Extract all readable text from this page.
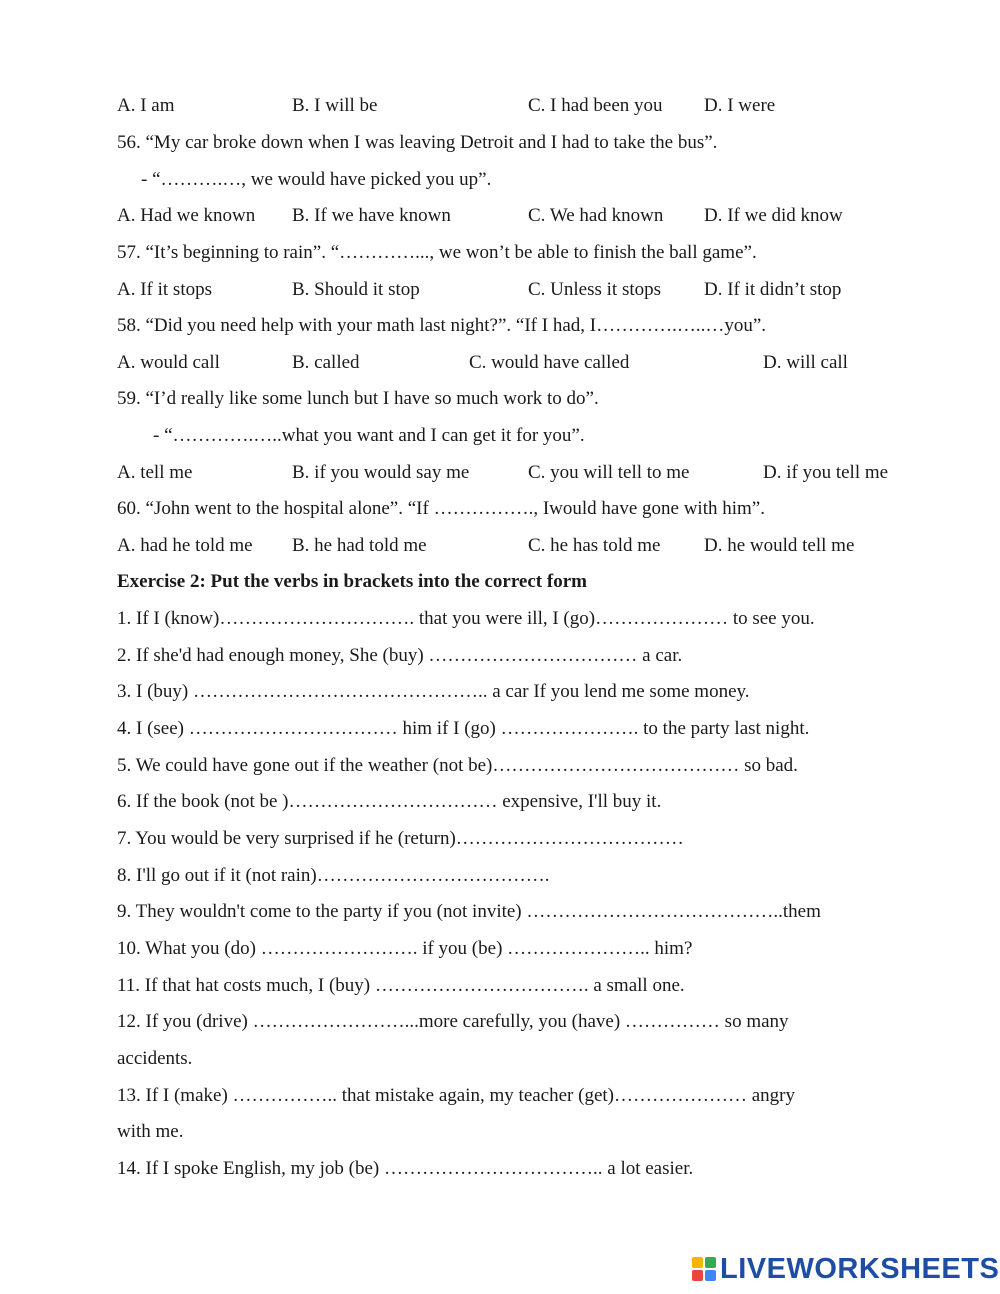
A. I am	B. I will be	C. I had been you D. I were
56. “My car broke down when I was leaving Detroit and I had to take the bus”.
- “……….…, we would have picked you up”.
A. Had we known B. If we have known	C. We had known D. If we did know
57. “It’s beginning to rain”. “…………..., we won’t be able to finish the ball game”.
A. If it stops	B. Should it stop	C. Unless it stops D. If it didn’t stop
58. “Did you need help with your math last night?”. “If I had, I………….…..…you”.
A. would call	B. called	C. would have called	D. will call
59. “I’d really like some lunch but I have so much work to do”.
- “………….…..what you want and I can get it for you”.
A. tell me	B. if you would say me	C. you will tell to me	D. if you tell me
60. “John went to the hospital alone”. “If ……………., Iwould have gone with him”.
A. had he told me B. he had told me	C. he has told me D. he would tell me
Exercise 2: Put the verbs in brackets into the correct form
1. If I (know)…………………………. that you were ill, I (go)………………… to see you.
2. If she'd had enough money, She (buy) …………………………… a car.
3. I (buy) ……………………………………….. a car If you lend me some money.
4. I (see) …………………………… him if I (go) …………………. to the party last night.
5. We could have gone out if the weather (not be)………………………………… so bad.
6. If the book (not be )…………………………… expensive, I'll buy it.
7. You would be very surprised if he (return)………………………………
8. I'll go out if it (not rain)……………………………….
9. They wouldn't come to the party if you (not invite) …………………………………..them
10. What you (do) ……………………. if you (be) ………………….. him?
11. If that hat costs much, I (buy) ……………………………. a small one.
12. If you (drive) ……………………...more carefully, you (have) …………… so many
accidents.
13. If I (make) …………….. that mistake again, my teacher (get)………………… angry
with me.
14. If I spoke English, my job (be) …………………………….. a lot easier.
LIVEWORKSHEETS
